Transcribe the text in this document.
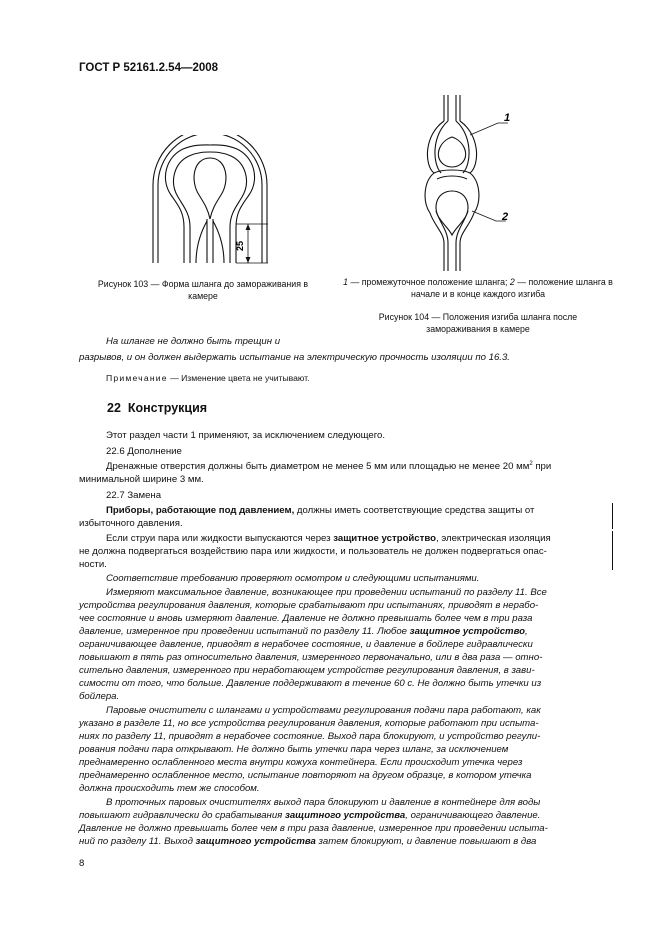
ГОСТ Р 52161.2.54—2008
25
Рисунок 103 — Форма шланга до замораживания в
камере
1
2
1 — промежуточное положение шланга; 2 — положение шланга в
начале и в конце каждого изгиба
Рисунок 104 — Положения изгиба шланга после
замораживания в камере
На шланге не должно быть трещин и
разрывов, и он должен выдержать испытание на электрическую прочность изоляции по 16.3.
Примечание — Изменение цвета не учитывают.
22 Конструкция
Этот раздел части 1 применяют, за исключением следующего.
22.6 Дополнение
Дренажные отверстия должны быть диаметром не менее 5 мм или площадью не менее 20 $мм^2$ при
минимальной ширине 3 мм.
22.7 Замена
Приборы, работающие под давлением, должны иметь соответствующие средства защиты от
избыточного давления.
Если струи пара или жидкости выпускаются через защитное устройство, электрическая изоляция
не должна подвергаться воздействию пара или жидкости, и пользователь не должен подвергаться опас-
ности.
Соответствие требованию проверяют осмотром и следующими испытаниями.
Измеряют максимальное давление, возникающее при проведении испытаний по разделу 11. Все
устройства регулирования давления, которые срабатывают при испытаниях, приводят в нерабо-
чее состояние и вновь измеряют давление. Давление не должно превышать более чем в три раза
давление, измеренное при проведении испытаний по разделу 11. Любое защитное устройство,
ограничивающее давление, приводят в нерабочее состояние, и давление в бойлере гидравлически
повышают в пять раз относительно давления, измеренного первоначально, или в два раза — отно-
сительно давления, измеренного при неработающем устройстве регулирования давления, в зави-
симости от того, что больше. Давление поддерживают в течение 60 с. Не должно быть утечки из
бойлера.
Паровые очистители с шлангами и устройствами регулирования подачи пара работают, как
указано в разделе 11, но все устройства регулирования давления, которые работают при испыта-
ниях по разделу 11, приводят в нерабочее состояние. Выход пара блокируют, и устройство регули-
рования подачи пара открывают. Не должно быть утечки пара через шланг, за исключением
преднамеренно ослабленного места внутри кожуха контейнера. Если происходит утечка через
преднамеренно ослабленное место, испытание повторяют на другом образце, в котором утечка
должна происходить тем же способом.
В проточных паровых очистителях выход пара блокируют и давление в контейнере для воды
повышают гидравлически до срабатывания защитного устройства, ограничивающего давление.
Давление не должно превышать более чем в три раза давление, измеренное при проведении испыта-
ний по разделу 11. Выход защитного устройства затем блокируют, и давление повышают в два
8
